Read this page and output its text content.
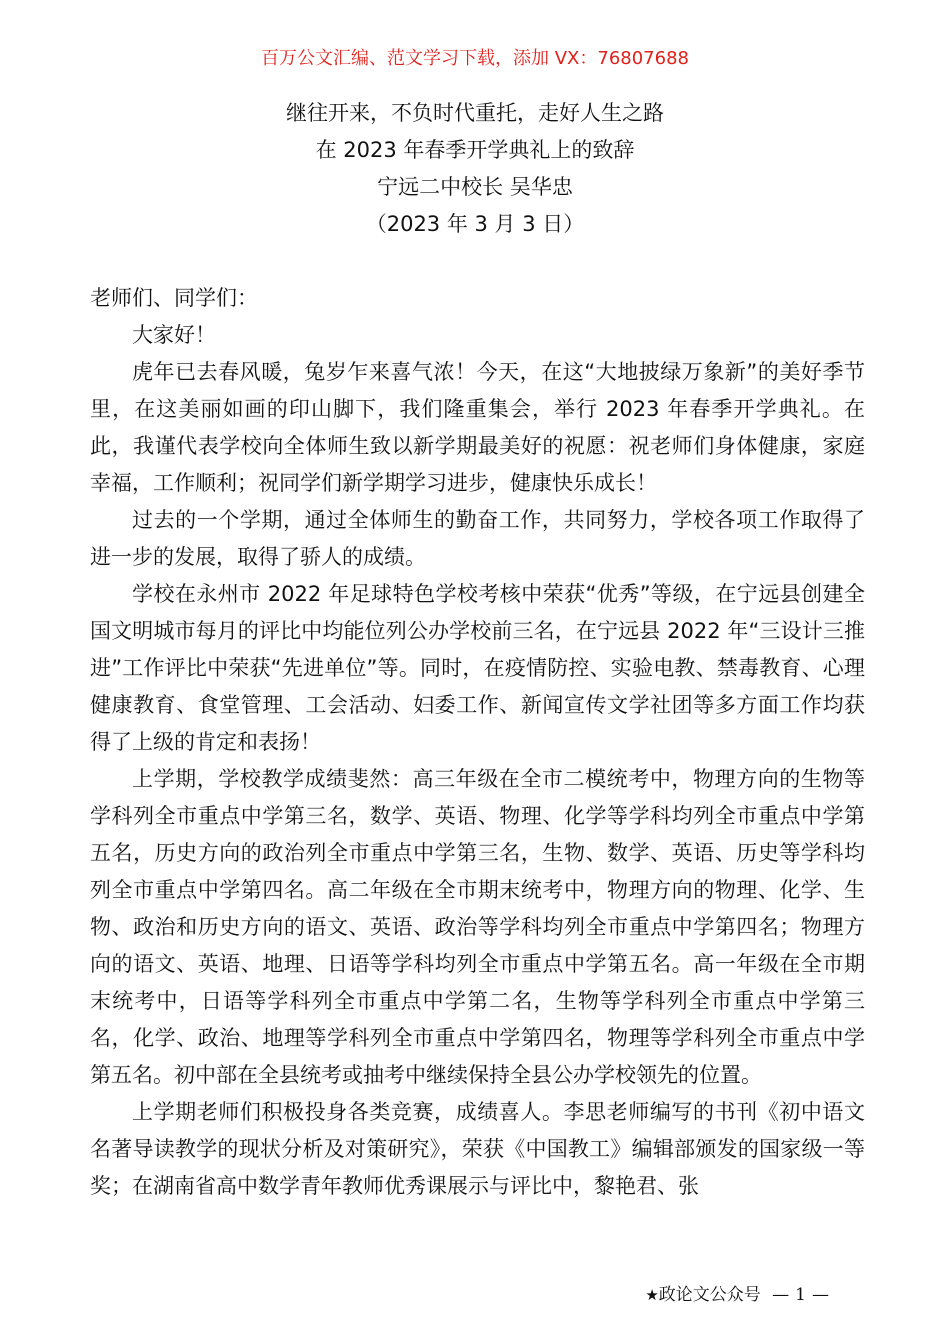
百万公文汇编、范文学习下载，添加 VX：76807688
继往开来，不负时代重托，走好人生之路
在 2023 年春季开学典礼上的致辞
宁远二中校长 吴华忠
（2023 年 3 月 3 日）

老师们、同学们：

大家好！

虎年已去春风暖，兔岁乍来喜气浓！今天，在这“大地披绿万象新”的美好季节里，在这美丽如画的印山脚下，我们隆重集会，举行 2023 年春季开学典礼。在此，我谨代表学校向全体师生致以新学期最美好的祝愿：祝老师们身体健康，家庭幸福，工作顺利；祝同学们新学期学习进步，健康快乐成长！

过去的一个学期，通过全体师生的勤奋工作，共同努力，学校各项工作取得了进一步的发展，取得了骄人的成绩。

学校在永州市 2022 年足球特色学校考核中荣获“优秀”等级，在宁远县创建全国文明城市每月的评比中均能位列公办学校前三名，在宁远县 2022 年“三设计三推进”工作评比中荣获“先进单位”等。同时，在疫情防控、实验电教、禁毒教育、心理健康教育、食堂管理、工会活动、妇委工作、新闻宣传文学社团等多方面工作均获得了上级的肯定和表扬！

上学期，学校教学成绩斐然：高三年级在全市二模统考中，物理方向的生物等学科列全市重点中学第三名，数学、英语、物理、化学等学科均列全市重点中学第五名，历史方向的政治列全市重点中学第三名，生物、数学、英语、历史等学科均列全市重点中学第四名。高二年级在全市期末统考中，物理方向的物理、化学、生物、政治和历史方向的语文、英语、政治等学科均列全市重点中学第四名；物理方向的语文、英语、地理、日语等学科均列全市重点中学第五名。高一年级在全市期末统考中，日语等学科列全市重点中学第二名，生物等学科列全市重点中学第三名，化学、政治、地理等学科列全市重点中学第四名，物理等学科列全市重点中学第五名。初中部在全县统考或抽考中继续保持全县公办学校领先的位置。

上学期老师们积极投身各类竞赛，成绩喜人。李思老师编写的书刊《初中语文名著导读教学的现状分析及对策研究》，荣获《中国教工》编辑部颁发的国家级一等奖；在湖南省高中数学青年教师优秀课展示与评比中，黎艳君、张

★政论文公众号 — 1 —
